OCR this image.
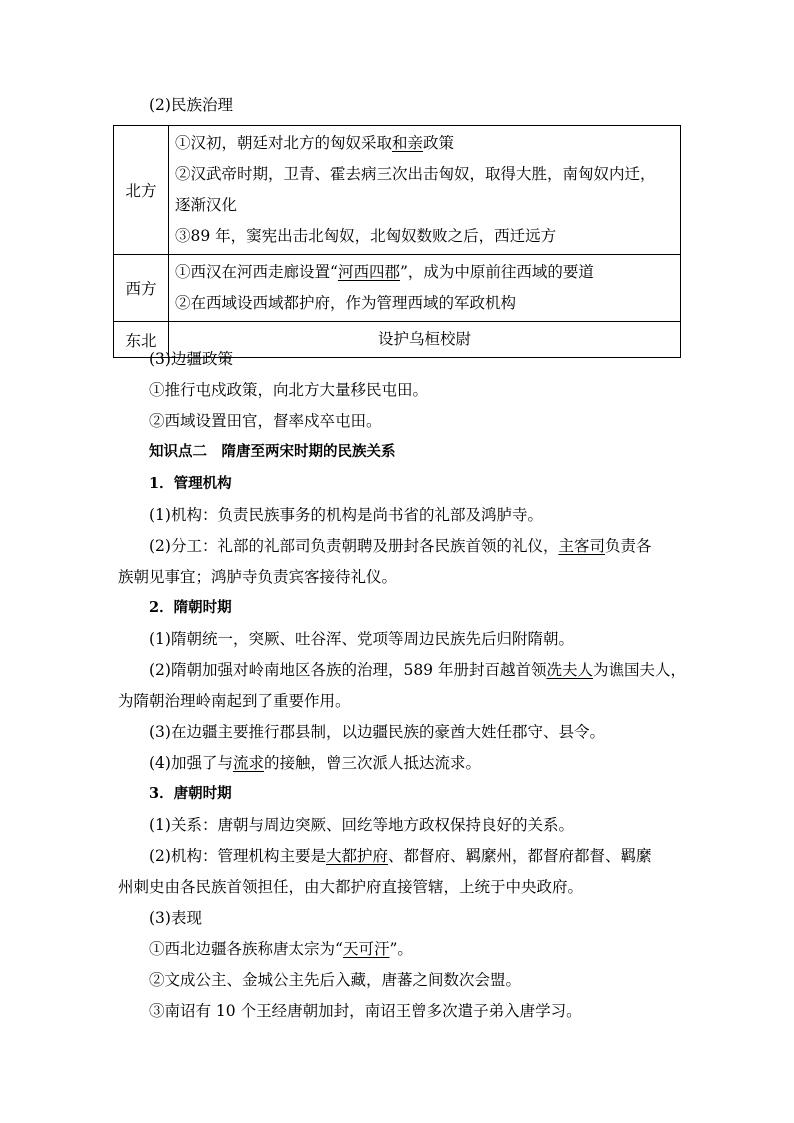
(2)民族治理
北方	①汉初，朝廷对北方的匈奴采取和亲政策
②汉武帝时期，卫青、霍去病三次出击匈奴，取得大胜，南匈奴内迁，
逐渐汉化
③89 年，窦宪出击北匈奴，北匈奴数败之后，西迁远方

西方	①西汉在河西走廊设置“河西四郡”，成为中原前往西域的要道
②在西域设西域都护府，作为管理西域的军政机构

东北	设护乌桓校尉
(3)边疆政策
①推行屯戍政策，向北方大量移民屯田。
②西域设置田官，督率戍卒屯田。
知识点二　隋唐至两宋时期的民族关系
1．管理机构
(1)机构：负责民族事务的机构是尚书省的礼部及鸿胪寺。
(2)分工：礼部的礼部司负责朝聘及册封各民族首领的礼仪，主客司负责各
族朝见事宜；鸿胪寺负责宾客接待礼仪。
2．隋朝时期
(1)隋朝统一，突厥、吐谷浑、党项等周边民族先后归附隋朝。
(2)隋朝加强对岭南地区各族的治理，589 年册封百越首领冼夫人为谯国夫人，
为隋朝治理岭南起到了重要作用。
(3)在边疆主要推行郡县制，以边疆民族的豪酋大姓任郡守、县令。
(4)加强了与流求的接触，曾三次派人抵达流求。
3．唐朝时期
(1)关系：唐朝与周边突厥、回纥等地方政权保持良好的关系。
(2)机构：管理机构主要是大都护府、都督府、羁縻州，都督府都督、羁縻
州刺史由各民族首领担任，由大都护府直接管辖，上统于中央政府。
(3)表现
①西北边疆各族称唐太宗为“天可汗”。
②文成公主、金城公主先后入藏，唐蕃之间数次会盟。
③南诏有 10 个王经唐朝加封，南诏王曾多次遣子弟入唐学习。
